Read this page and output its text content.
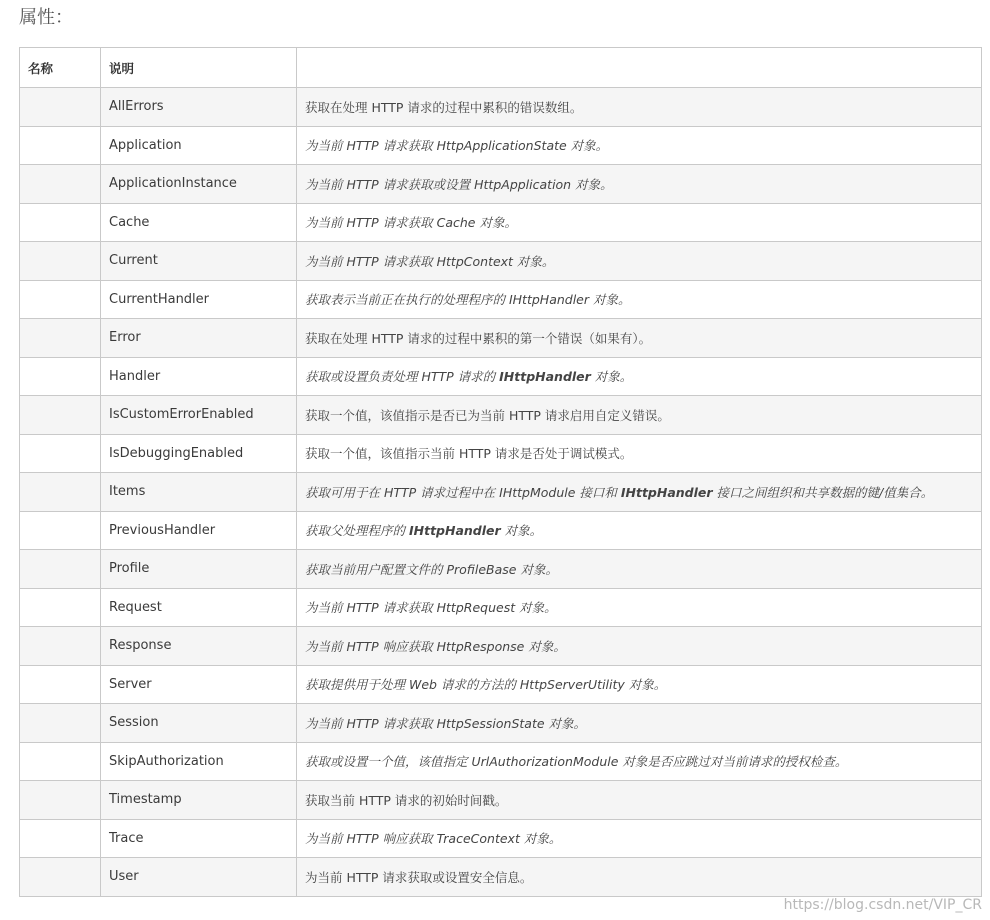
属性：
名称	说明	
	AllErrors	获取在处理 HTTP 请求的过程中累积的错误数组。
	Application	为当前 HTTP 请求获取 HttpApplicationState 对象。
	ApplicationInstance	为当前 HTTP 请求获取或设置 HttpApplication 对象。
	Cache	为当前 HTTP 请求获取 Cache 对象。
	Current	为当前 HTTP 请求获取 HttpContext 对象。
	CurrentHandler	获取表示当前正在执行的处理程序的 IHttpHandler 对象。
	Error	获取在处理 HTTP 请求的过程中累积的第一个错误（如果有）。
	Handler	获取或设置负责处理 HTTP 请求的 IHttpHandler 对象。
	IsCustomErrorEnabled	获取一个值，该值指示是否已为当前 HTTP 请求启用自定义错误。
	IsDebuggingEnabled	获取一个值，该值指示当前 HTTP 请求是否处于调试模式。
	Items	获取可用于在 HTTP 请求过程中在 IHttpModule 接口和 IHttpHandler 接口之间组织和共享数据的键/值集合。
	PreviousHandler	获取父处理程序的 IHttpHandler 对象。
	Profile	获取当前用户配置文件的 ProfileBase 对象。
	Request	为当前 HTTP 请求获取 HttpRequest 对象。
	Response	为当前 HTTP 响应获取 HttpResponse 对象。
	Server	获取提供用于处理 Web 请求的方法的 HttpServerUtility 对象。
	Session	为当前 HTTP 请求获取 HttpSessionState 对象。
	SkipAuthorization	获取或设置一个值，该值指定 UrlAuthorizationModule 对象是否应跳过对当前请求的授权检查。
	Timestamp	获取当前 HTTP 请求的初始时间戳。
	Trace	为当前 HTTP 响应获取 TraceContext 对象。
	User	为当前 HTTP 请求获取或设置安全信息。
https://blog.csdn.net/VIP_CR
